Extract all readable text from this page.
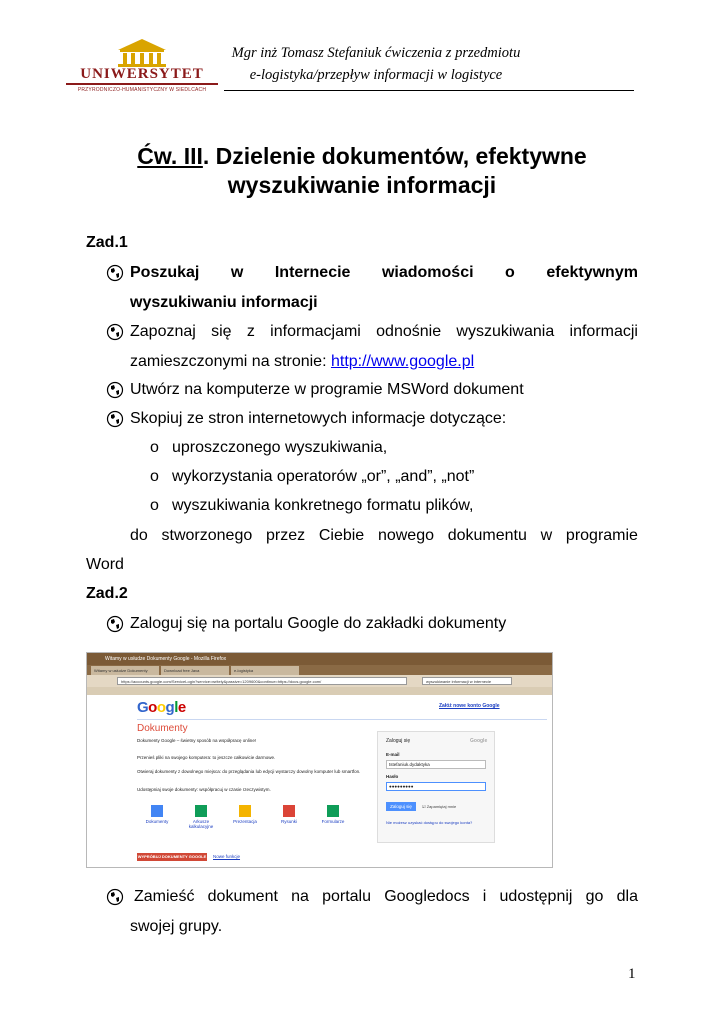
UNIWERSYTET
PRZYRODNICZO-HUMANISTYCZNY W SIEDLCACH
Mgr inż Tomasz Stefaniuk ćwiczenia z przedmiotu
e-logistyka/przepływ informacji w logistyce
Ćw. III. Dzielenie dokumentów, efektywne
wyszukiwanie informacji
Zad.1
Poszukaj w Internecie wiadomości o efektywnym
wyszukiwaniu informacji
Zapoznaj się z informacjami odnośnie wyszukiwania informacji
zamieszczonymi na stronie: http://www.google.pl
Utwórz na komputerze w programie MSWord dokument
Skopiuj ze stron internetowych informacje dotyczące:
o uproszczonego wyszukiwania,
o wykorzystania operatorów „or”, „and”, „not”
o wyszukiwania konkretnego formatu plików,
do stworzonego przez Ciebie nowego dokumentu w programie
Word
Zad.2
Zaloguj się na portalu Google do zakładki dokumenty
Witamy w usłudze Dokumenty Google - Mozilla Firefox
Witamy w usłudze Dokumenty	Download free Java	e-logistyka
https://accounts.google.com/ServiceLogin?service=writely&passive=1209600&continue=https://docs.google.com/	wyszukiwanie informacji w internecie
Google	Załóż nowe konto Google
Dokumenty
Dokumenty Google – świetny sposób na współpracę online!
Przenieś pliki na swojego komputera: to jeszcze całkowicie darmowe.
Otwieraj dokumenty z dowolnego miejsca: do przeglądania lub edycji wystarczy dowolny komputer lub smartfon.
Udostępniaj swoje dokumenty: współpracuj w czasie rzeczywistym.
Dokumenty	Arkusze kalkulacyjne
Prezentacja	Rysunki	Formularze
WYPRÓBUJ DOKUMENTY GOOGLE Nowe funkcje
Zaloguj się	Google
E-mail
tstefaniuk.dydaktyka
Hasło
●●●●●●●●●
Zaloguj się	☑ Zapamiętaj mnie
Nie możesz uzyskać dostępu do swojego konta?
Zamieść dokument na portalu Googledocs i udostępnij go dla
swojej grupy.
1
